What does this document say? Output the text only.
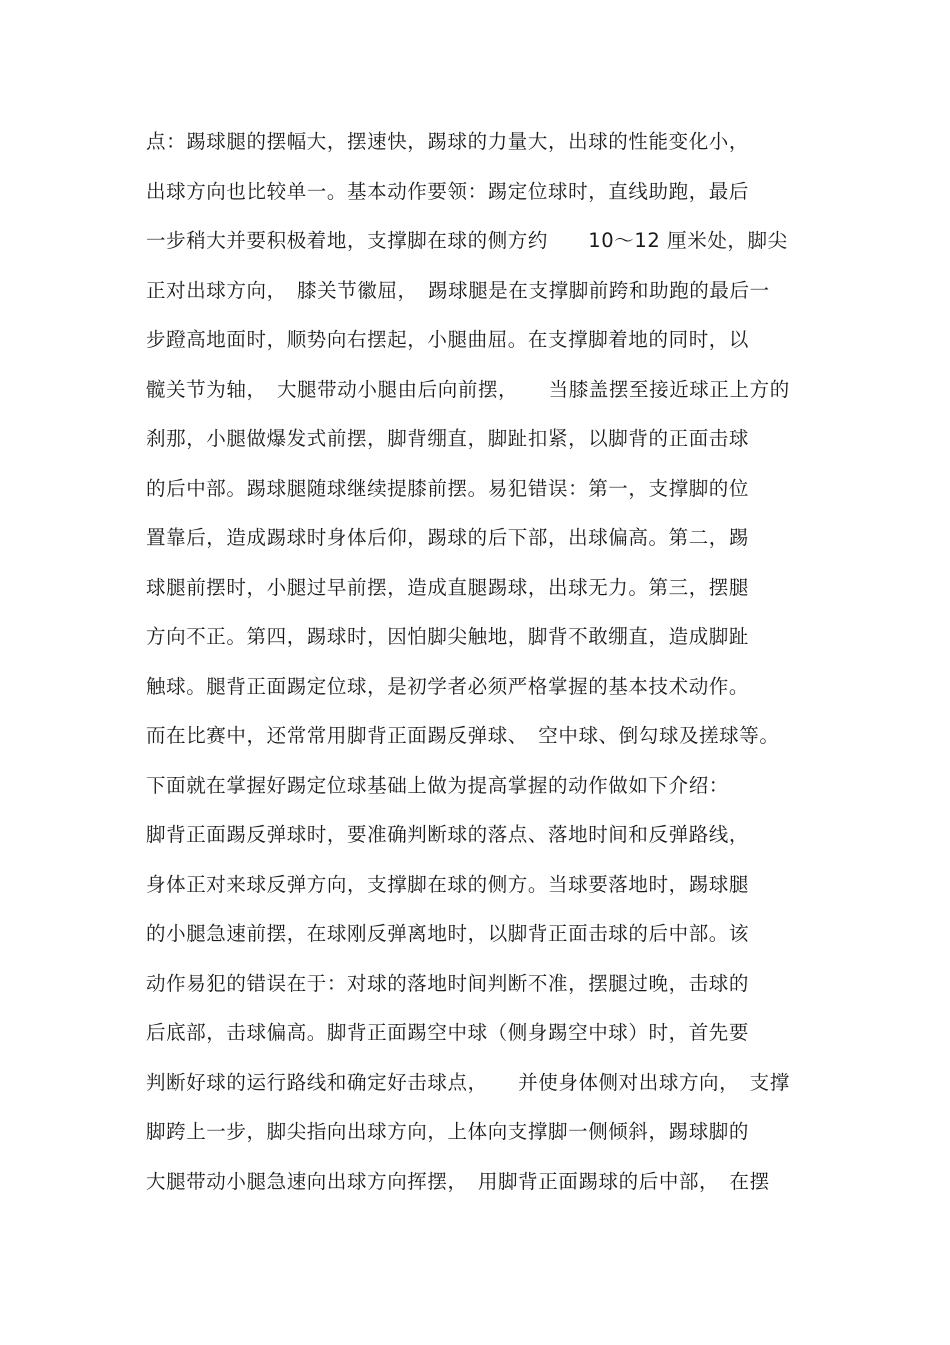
点：踢球腿的摆幅大，摆速快，踢球的力量大，出球的性能变化小，
出球方向也比较单一。基本动作要领：踢定位球时，直线助跑，最后
一步稍大并要积极着地，支撑脚在球的侧方约　　10～12 厘米处，脚尖
正对出球方向，　膝关节徽屈，　踢球腿是在支撑脚前跨和助跑的最后一
步蹬高地面时，顺势向右摆起，小腿曲屈。在支撑脚着地的同时，以
髋关节为轴，　大腿带动小腿由后向前摆，　　当膝盖摆至接近球正上方的
刹那，小腿做爆发式前摆，脚背绷直，脚趾扣紧，以脚背的正面击球
的后中部。踢球腿随球继续提膝前摆。易犯错误：第一，支撑脚的位
置靠后，造成踢球时身体后仰，踢球的后下部，出球偏高。第二，踢
球腿前摆时，小腿过早前摆，造成直腿踢球，出球无力。第三，摆腿
方向不正。第四，踢球时，因怕脚尖触地，脚背不敢绷直，造成脚趾
触球。腿背正面踢定位球，是初学者必须严格掌握的基本技术动作。
而在比赛中，还常常用脚背正面踢反弹球、　空中球、倒勾球及搓球等。
下面就在掌握好踢定位球基础上做为提高掌握的动作做如下介绍：
脚背正面踢反弹球时，要准确判断球的落点、落地时间和反弹路线，
身体正对来球反弹方向，支撑脚在球的侧方。当球要落地时，踢球腿
的小腿急速前摆，在球刚反弹离地时，以脚背正面击球的后中部。该
动作易犯的错误在于：对球的落地时间判断不准，摆腿过晚，击球的
后底部，击球偏高。脚背正面踢空中球（侧身踢空中球）时，首先要
判断好球的运行路线和确定好击球点，　　并使身体侧对出球方向，　支撑
脚跨上一步，脚尖指向出球方向，上体向支撑脚一侧倾斜，踢球脚的
大腿带动小腿急速向出球方向挥摆，　用脚背正面踢球的后中部，　在摆
